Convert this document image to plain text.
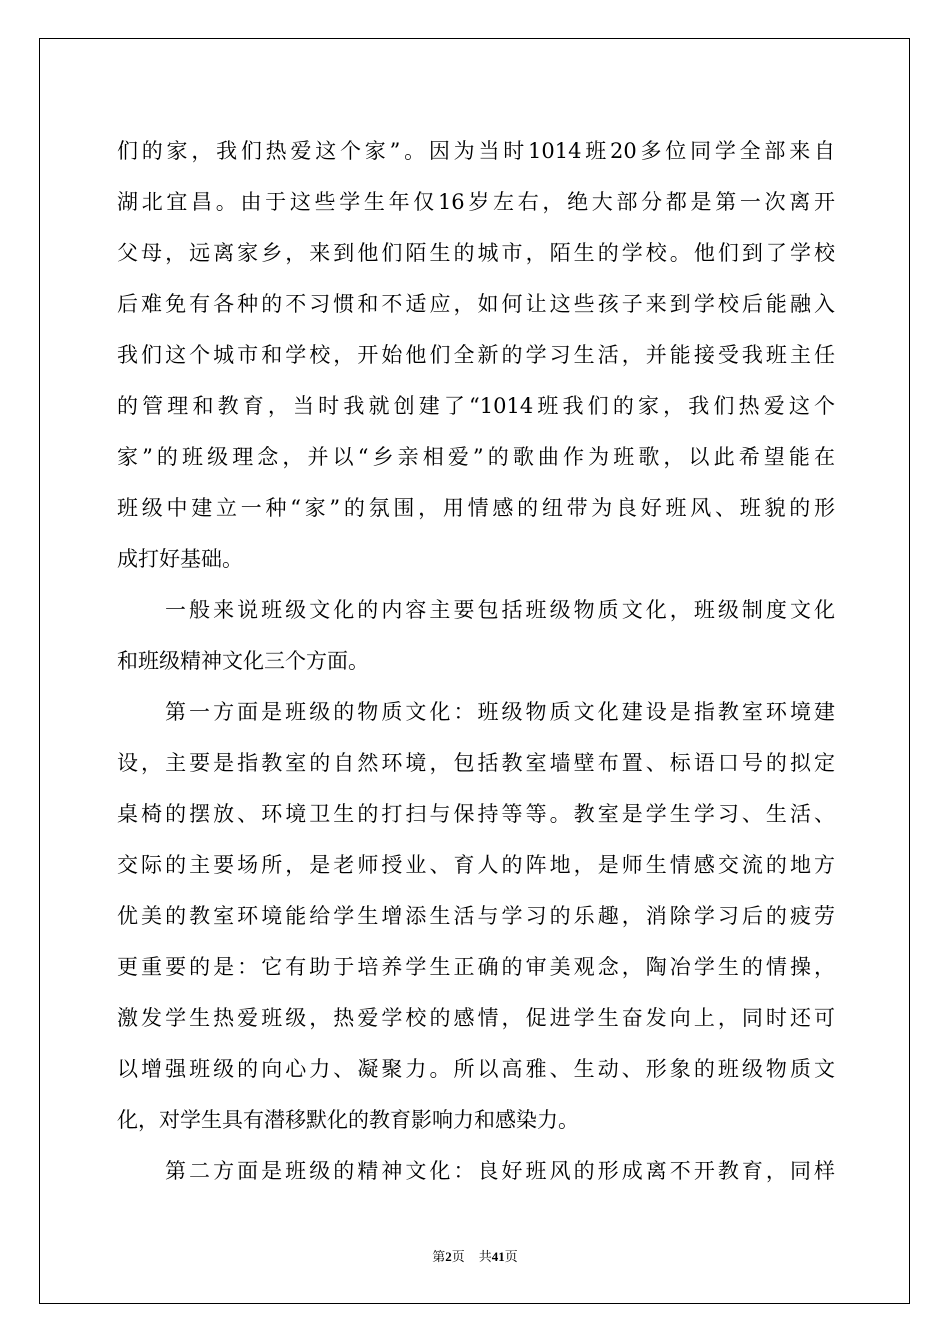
们的家，我们热爱这个家”。因为当时1014班20多位同学全部来自
湖北宜昌。由于这些学生年仅16岁左右，绝大部分都是第一次离开
父母，远离家乡，来到他们陌生的城市，陌生的学校。他们到了学校
后难免有各种的不习惯和不适应，如何让这些孩子来到学校后能融入
我们这个城市和学校，开始他们全新的学习生活，并能接受我班主任
的管理和教育，当时我就创建了“1014班我们的家，我们热爱这个
家”的班级理念，并以“乡亲相爱”的歌曲作为班歌，以此希望能在
班级中建立一种“家”的氛围，用情感的纽带为良好班风、班貌的形
成打好基础。
一般来说班级文化的内容主要包括班级物质文化，班级制度文化
和班级精神文化三个方面。
第一方面是班级的物质文化：班级物质文化建设是指教室环境建
设，主要是指教室的自然环境，包括教室墙壁布置、标语口号的拟定
桌椅的摆放、环境卫生的打扫与保持等等。教室是学生学习、生活、
交际的主要场所，是老师授业、育人的阵地，是师生情感交流的地方
优美的教室环境能给学生增添生活与学习的乐趣，消除学习后的疲劳
更重要的是：它有助于培养学生正确的审美观念，陶冶学生的情操，
激发学生热爱班级，热爱学校的感情，促进学生奋发向上，同时还可
以增强班级的向心力、凝聚力。所以高雅、生动、形象的班级物质文
化，对学生具有潜移默化的教育影响力和感染力。
第二方面是班级的精神文化：良好班风的形成离不开教育，同样
第2页 共41页
